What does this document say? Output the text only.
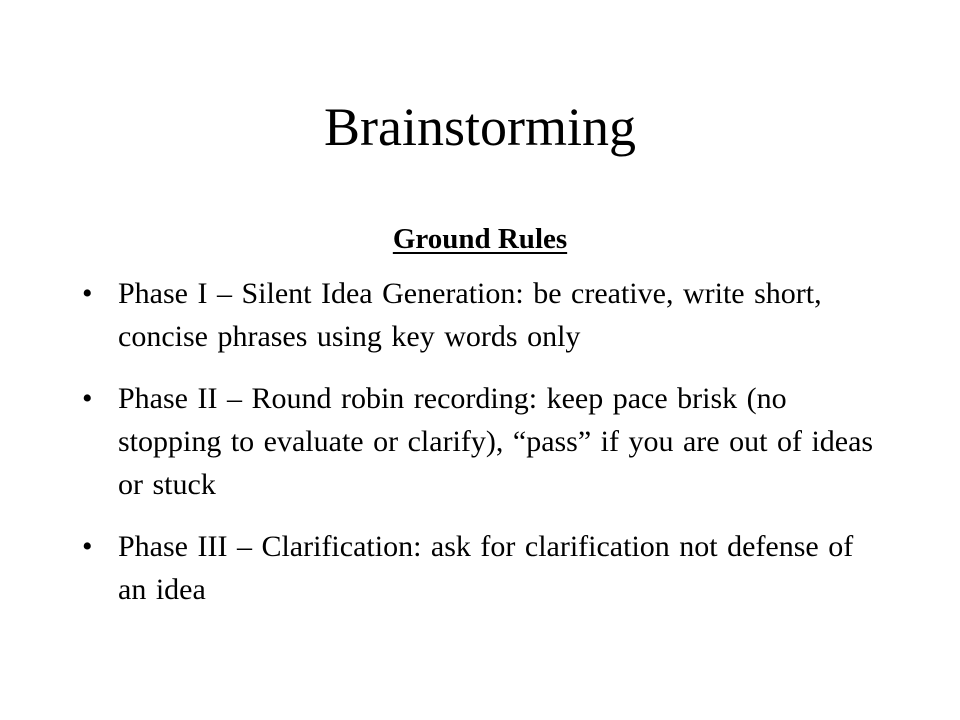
Brainstorming
Ground Rules
• Phase I – Silent Idea Generation: be creative, write short, concise phrases using key words only
• Phase II – Round robin recording: keep pace brisk (no stopping to evaluate or clarify), “pass” if you are out of ideas or stuck
• Phase III – Clarification: ask for clarification not defense of an idea
